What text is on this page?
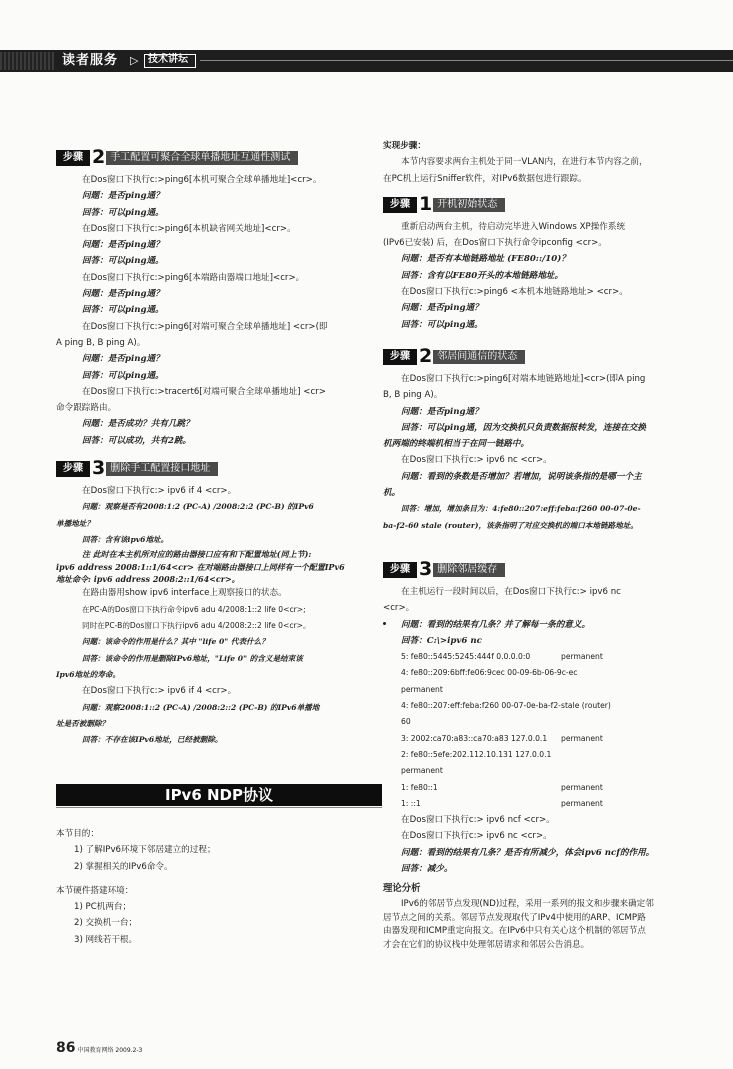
读者服务 ▷ 技术讲坛
步骤 2 手工配置可聚合全球单播地址互通性测试
在Dos窗口下执行c:>ping6[本机可聚合全球单播地址]<cr>。
问题：是否ping通？
回答：可以ping通。
在Dos窗口下执行c:>ping6[本机缺省网关地址]<cr>。
问题：是否ping通？
回答：可以ping通。
在Dos窗口下执行c:>ping6[本端路由器端口地址]<cr>。
问题：是否ping通？
回答：可以ping通。
在Dos窗口下执行c:>ping6[对端可聚合全球单播地址] <cr>(即
A ping B, B ping A)。
问题：是否ping通？
回答：可以ping通。
在Dos窗口下执行c:>tracert6[对端可聚合全球单播地址] <cr>
命令跟踪路由。
问题：是否成功？共有几跳？
回答：可以成功，共有2跳。
步骤 3 删除手工配置接口地址
在Dos窗口下执行c:> ipv6 if 4 <cr>。
问题：观察是否有2008:1:2 (PC-A) /2008:2:2 (PC-B) 的IPv6
单播地址？
回答：含有该ipv6地址。
注 此时在本主机所对应的路由器接口应有和下配置地址(同上节):
ipv6 address 2008:1::1/64<cr> 在对端路由器接口上同样有一个配置IPv6
地址命令: ipv6 address 2008:2::1/64<cr>。
在路由器用show ipv6 interface上观察接口的状态。
在PC-A的Dos窗口下执行命令ipv6 adu 4/2008:1::2 life 0<cr>;
同时在PC-B的Dos窗口下执行ipv6 adu 4/2008:2::2 life 0<cr>。
问题：该命令的作用是什么？其中 "life 0" 代表什么？
回答：该命令的作用是删除IPv6地址，"Life 0" 的含义是结束该
Ipv6地址的寿命。
在Dos窗口下执行c:> ipv6 if 4 <cr>。
问题：观察2008:1::2 (PC-A) /2008:2::2 (PC-B) 的IPv6单播地
址是否被删除？
回答：不存在该IPv6地址，已经被删除。
实现步骤：
本节内容要求两台主机处于同一VLAN内，在进行本节内容之前，
在PC机上运行Sniffer软件，对IPv6数据包进行跟踪。
步骤 1 开机初始状态
重新启动两台主机，待启动完毕进入Windows XP操作系统
(IPv6已安装) 后，在Dos窗口下执行命令ipconfig <cr>。
问题：是否有本地链路地址 (FE80::/10)？
回答：含有以FE80开头的本地链路地址。
在Dos窗口下执行c:>ping6 <本机本地链路地址> <cr>。
问题：是否ping通？
回答：可以ping通。
步骤 2 邻居间通信的状态
在Dos窗口下执行c:>ping6[对端本地链路地址]<cr>(即A ping
B, B ping A)。
问题：是否ping通？
回答：可以ping通，因为交换机只负责数据报转发，连接在交换
机两端的终端机相当于在同一链路中。
在Dos窗口下执行c:> ipv6 nc <cr>。
问题：看到的条数是否增加？若增加，说明该条指的是哪一个主
机。
回答：增加，增加条目为：4:fe80::207:eff:feba:f260 00-07-0e-
ba-f2-60 stale (router)，该条指明了对应交换机的端口本地链路地址。
步骤 3 删除邻居缓存
在主机运行一段时间以后，在Dos窗口下执行c:> ipv6 nc
<cr>。
问题：看到的结果有几条？并了解每一条的意义。
回答：C:\>ipv6 nc
5: fe80::5445:5245:444f 0.0.0.0:0	permanent
4: fe80::209:6bff:fe06:9cec 00-09-6b-06-9c-ec permanent
4: fe80::207:eff:feba:f260 00-07-0e-ba-f2-60
stale (router)
3: 2002:ca70:a83::ca70:a83 127.0.0.1	permanent
2: fe80::5efe:202.112.10.131 127.0.0.1 permanent
1: fe80::1	permanent
1: ::1	permanent
在Dos窗口下执行c:> ipv6 ncf <cr>。
在Dos窗口下执行c:> ipv6 nc <cr>。
问题：看到的结果有几条？是否有所减少，体会ipv6 ncf的作用。
回答：减少。
IPv6 NDP协议
本节目的：
1) 了解IPv6环境下邻居建立的过程；
2) 掌握相关的IPv6命令。
本节硬件搭建环境：
1) PC机两台；
2) 交换机一台；
3) 网线若干根。
理论分析
IPv6的邻居节点发现(ND)过程，采用一系列的报文和步骤来确定邻
居节点之间的关系。邻居节点发现取代了IPv4中使用的ARP、ICMP路
由器发现和ICMP重定向报文。在IPv6中只有关心这个机制的邻居节点
才会在它们的协议栈中处理邻居请求和邻居公告消息。
86 中国教育网络 2009.2-3
